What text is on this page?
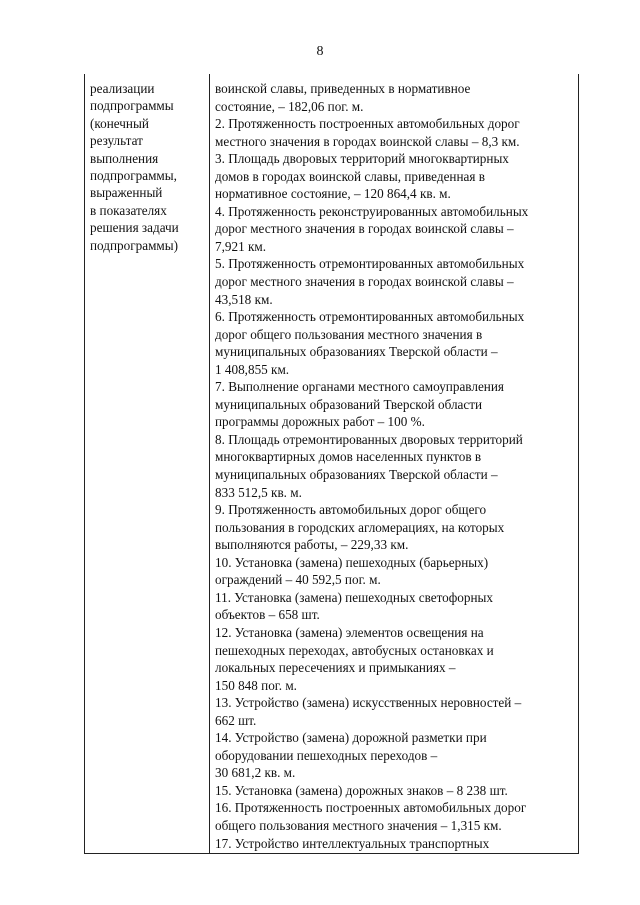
8
реализации
подпрограммы
(конечный
результат
выполнения
подпрограммы,
выраженный
в показателях
решения задачи
подпрограммы)
воинской славы, приведенных в нормативное
состояние, – 182,06 пог. м.
2. Протяженность построенных автомобильных дорог
местного значения в городах воинской славы – 8,3 км.
3. Площадь дворовых территорий многоквартирных
домов в городах воинской славы, приведенная в
нормативное состояние, – 120 864,4 кв. м.
4. Протяженность реконструированных автомобильных
дорог местного значения в городах воинской славы –
7,921 км.
5. Протяженность отремонтированных автомобильных
дорог местного значения в городах воинской славы –
43,518 км.
6. Протяженность отремонтированных автомобильных
дорог общего пользования местного значения в
муниципальных образованиях Тверской области –
1 408,855 км.
7. Выполнение органами местного самоуправления
муниципальных образований Тверской области
программы дорожных работ – 100 %.
8. Площадь отремонтированных дворовых территорий
многоквартирных домов населенных пунктов в
муниципальных образованиях Тверской области –
833 512,5 кв. м.
9. Протяженность автомобильных дорог общего
пользования в городских агломерациях, на которых
выполняются работы, – 229,33 км.
10. Установка (замена) пешеходных (барьерных)
ограждений – 40 592,5 пог. м.
11. Установка (замена) пешеходных светофорных
объектов – 658 шт.
12. Установка (замена) элементов освещения на
пешеходных переходах, автобусных остановках и
локальных пересечениях и примыканиях –
150 848 пог. м.
13. Устройство (замена) искусственных неровностей –
662 шт.
14. Устройство (замена) дорожной разметки при
оборудовании пешеходных переходов –
30 681,2 кв. м.
15. Установка (замена) дорожных знаков – 8 238 шт.
16. Протяженность построенных автомобильных дорог
общего пользования местного значения – 1,315 км.
17. Устройство интеллектуальных транспортных
